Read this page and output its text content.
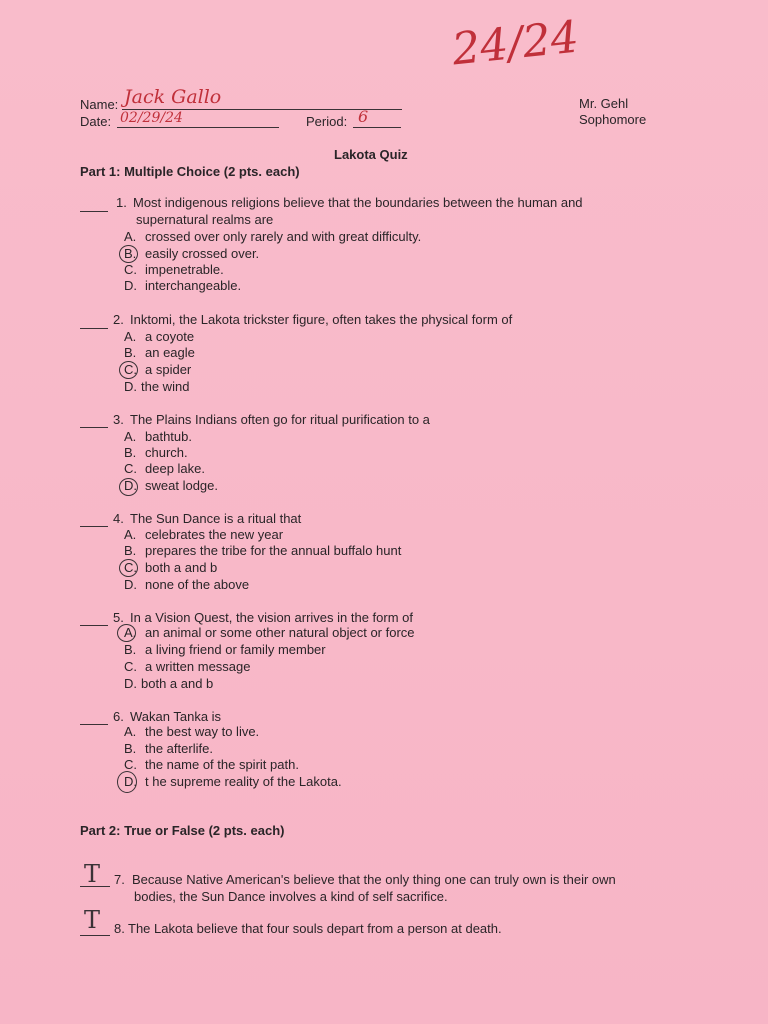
24/24
Name: Jack Gallo
Date: 02/29/24	Period: 6
Mr. Gehl
Sophomore
Lakota Quiz
Part 1: Multiple Choice (2 pts. each)
1. Most indigenous religions believe that the boundaries between the human and
supernatural realms are
A. crossed over only rarely and with great difficulty.
B. easily crossed over.
C. impenetrable.
D. interchangeable.
2. Inktomi, the Lakota trickster figure, often takes the physical form of
A. a coyote
B. an eagle
C. a spider
D. the wind
3. The Plains Indians often go for ritual purification to a
A. bathtub.
B. church.
C. deep lake.
D. sweat lodge.
4. The Sun Dance is a ritual that
A. celebrates the new year
B. prepares the tribe for the annual buffalo hunt
C. both a and b
D. none of the above
5. In a Vision Quest, the vision arrives in the form of
A. an animal or some other natural object or force
B. a living friend or family member
C. a written message
D. both a and b
6. Wakan Tanka is
A. the best way to live.
B. the afterlife.
C. the name of the spirit path.
D. t he supreme reality of the Lakota.
Part 2: True or False (2 pts. each)
T 7. Because Native American's believe that the only thing one can truly own is their own
bodies, the Sun Dance involves a kind of self sacrifice.
T 8. The Lakota believe that four souls depart from a person at death.
